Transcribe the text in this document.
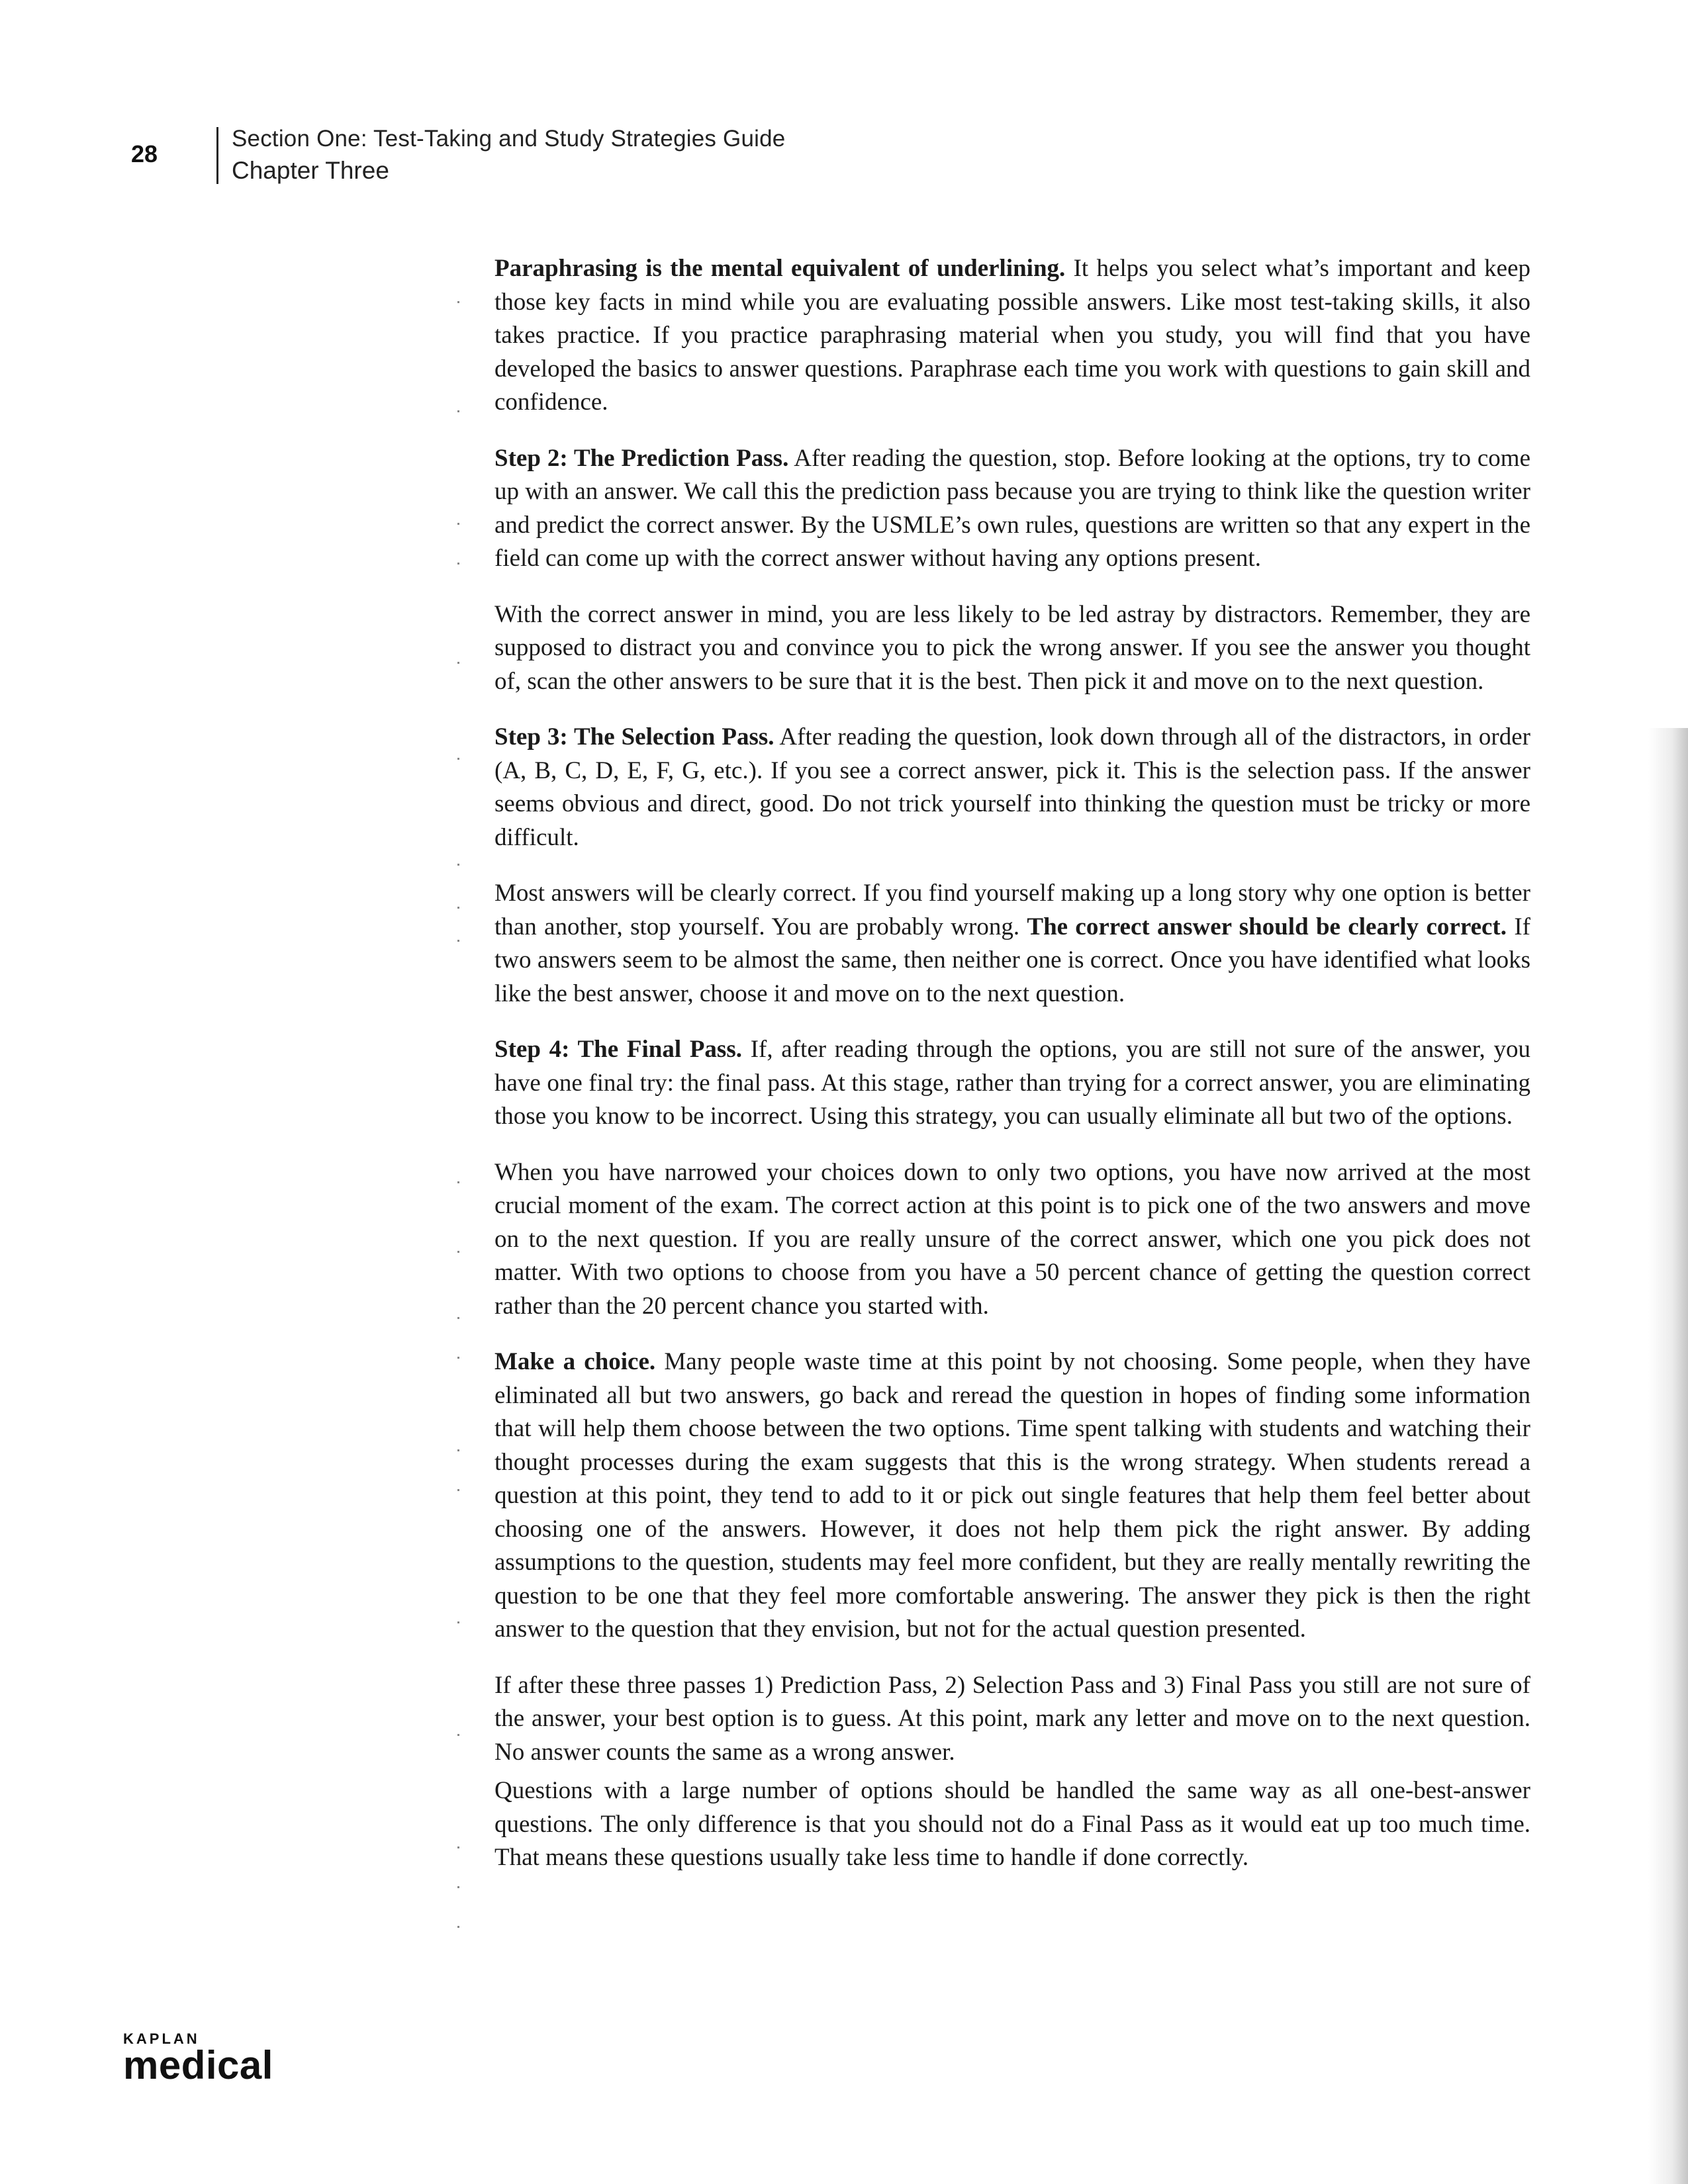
28
Section One: Test-Taking and Study Strategies Guide
Chapter Three

Paraphrasing is the mental equivalent of underlining. It helps you select what’s important and keep those key facts in mind while you are evaluating possible answers. Like most test-taking skills, it also takes practice. If you practice paraphrasing material when you study, you will find that you have developed the basics to answer questions. Paraphrase each time you work with questions to gain skill and confidence.

Step 2: The Prediction Pass. After reading the question, stop. Before looking at the options, try to come up with an answer. We call this the prediction pass because you are trying to think like the question writer and predict the correct answer. By the USMLE’s own rules, questions are written so that any expert in the field can come up with the correct answer without having any options present.

With the correct answer in mind, you are less likely to be led astray by distractors. Remember, they are supposed to distract you and convince you to pick the wrong answer. If you see the answer you thought of, scan the other answers to be sure that it is the best. Then pick it and move on to the next question.

Step 3: The Selection Pass. After reading the question, look down through all of the distractors, in order (A, B, C, D, E, F, G, etc.). If you see a correct answer, pick it. This is the selection pass. If the answer seems obvious and direct, good. Do not trick yourself into thinking the question must be tricky or more difficult.

Most answers will be clearly correct. If you find yourself making up a long story why one option is better than another, stop yourself. You are probably wrong. The correct answer should be clearly correct. If two answers seem to be almost the same, then neither one is correct. Once you have identified what looks like the best answer, choose it and move on to the next question.

Step 4: The Final Pass. If, after reading through the options, you are still not sure of the answer, you have one final try: the final pass. At this stage, rather than trying for a correct answer, you are eliminating those you know to be incorrect. Using this strategy, you can usually eliminate all but two of the options.

When you have narrowed your choices down to only two options, you have now arrived at the most crucial moment of the exam. The correct action at this point is to pick one of the two answers and move on to the next question. If you are really unsure of the correct answer, which one you pick does not matter. With two options to choose from you have a 50 percent chance of getting the question correct rather than the 20 percent chance you started with.

Make a choice. Many people waste time at this point by not choosing. Some people, when they have eliminated all but two answers, go back and reread the question in hopes of finding some information that will help them choose between the two options. Time spent talking with students and watching their thought processes during the exam suggests that this is the wrong strategy. When students reread a question at this point, they tend to add to it or pick out single features that help them feel better about choosing one of the answers. However, it does not help them pick the right answer. By adding assumptions to the question, students may feel more confident, but they are really mentally rewriting the question to be one that they feel more comfortable answering. The answer they pick is then the right answer to the question that they envision, but not for the actual question presented.

If after these three passes 1) Prediction Pass, 2) Selection Pass and 3) Final Pass you still are not sure of the answer, your best option is to guess. At this point, mark any letter and move on to the next question. No answer counts the same as a wrong answer.

Questions with a large number of options should be handled the same way as all one-best-answer questions. The only difference is that you should not do a Final Pass as it would eat up too much time. That means these questions usually take less time to handle if done correctly.

KAPLAN
medical
